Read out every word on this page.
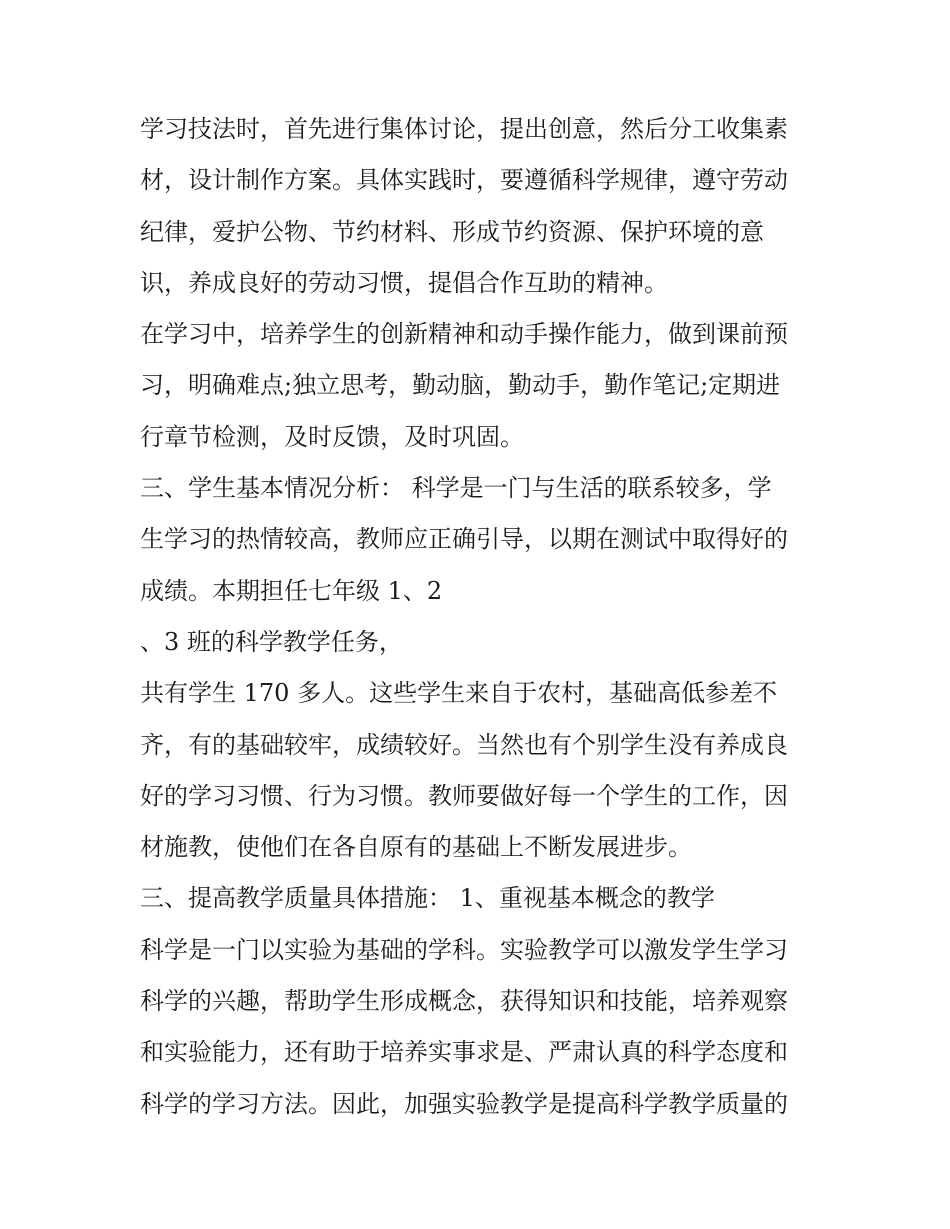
学习技法时，首先进行集体讨论，提出创意，然后分工收集素
材，设计制作方案。具体实践时，要遵循科学规律，遵守劳动
纪律，爱护公物、节约材料、形成节约资源、保护环境的意
识，养成良好的劳动习惯，提倡合作互助的精神。
在学习中，培养学生的创新精神和动手操作能力，做到课前预
习，明确难点;独立思考，勤动脑，勤动手，勤作笔记;定期进
行章节检测，及时反馈，及时巩固。
三、学生基本情况分析： 科学是一门与生活的联系较多，学
生学习的热情较高，教师应正确引导，以期在测试中取得好的
成绩。本期担任七年级 1、2
、3 班的科学教学任务，
共有学生 170 多人。这些学生来自于农村，基础高低参差不
齐，有的基础较牢，成绩较好。当然也有个别学生没有养成良
好的学习习惯、行为习惯。教师要做好每一个学生的工作，因
材施教，使他们在各自原有的基础上不断发展进步。
三、提高教学质量具体措施： 1、重视基本概念的教学
科学是一门以实验为基础的学科。实验教学可以激发学生学习
科学的兴趣，帮助学生形成概念，获得知识和技能，培养观察
和实验能力，还有助于培养实事求是、严肃认真的科学态度和
科学的学习方法。因此，加强实验教学是提高科学教学质量的
